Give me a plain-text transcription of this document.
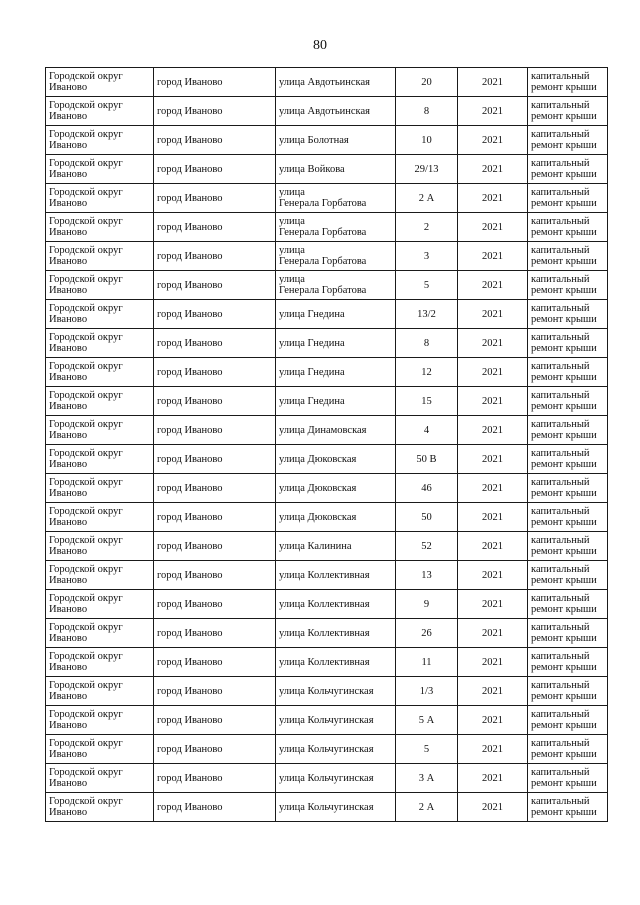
80
Городской округ
Иваново	город Иваново	улица Авдотьинская	20	2021	капитальный
ремонт крыши

Городской округ
Иваново	город Иваново	улица Авдотьинская	8	2021	капитальный
ремонт крыши

Городской округ
Иваново	город Иваново	улица Болотная	10	2021	капитальный
ремонт крыши

Городской округ
Иваново	город Иваново	улица Войкова	29/13	2021	капитальный
ремонт крыши

Городской округ
Иваново	город Иваново	улица
Генерала Горбатова	2 А	2021	капитальный
ремонт крыши

Городской округ
Иваново	город Иваново	улица
Генерала Горбатова	2	2021	капитальный
ремонт крыши

Городской округ
Иваново	город Иваново	улица
Генерала Горбатова	3	2021	капитальный
ремонт крыши

Городской округ
Иваново	город Иваново	улица
Генерала Горбатова	5	2021	капитальный
ремонт крыши

Городской округ
Иваново	город Иваново	улица Гнедина	13/2	2021	капитальный
ремонт крыши

Городской округ
Иваново	город Иваново	улица Гнедина	8	2021	капитальный
ремонт крыши

Городской округ
Иваново	город Иваново	улица Гнедина	12	2021	капитальный
ремонт крыши

Городской округ
Иваново	город Иваново	улица Гнедина	15	2021	капитальный
ремонт крыши

Городской округ
Иваново	город Иваново	улица Динамовская	4	2021	капитальный
ремонт крыши

Городской округ
Иваново	город Иваново	улица Дюковская	50 В	2021	капитальный
ремонт крыши

Городской округ
Иваново	город Иваново	улица Дюковская	46	2021	капитальный
ремонт крыши

Городской округ
Иваново	город Иваново	улица Дюковская	50	2021	капитальный
ремонт крыши

Городской округ
Иваново	город Иваново	улица Калинина	52	2021	капитальный
ремонт крыши

Городской округ
Иваново	город Иваново	улица Коллективная	13	2021	капитальный
ремонт крыши

Городской округ
Иваново	город Иваново	улица Коллективная	9	2021	капитальный
ремонт крыши

Городской округ
Иваново	город Иваново	улица Коллективная	26	2021	капитальный
ремонт крыши

Городской округ
Иваново	город Иваново	улица Коллективная	11	2021	капитальный
ремонт крыши

Городской округ
Иваново	город Иваново	улица Кольчугинская	1/3	2021	капитальный
ремонт крыши

Городской округ
Иваново	город Иваново	улица Кольчугинская	5 А	2021	капитальный
ремонт крыши

Городской округ
Иваново	город Иваново	улица Кольчугинская	5	2021	капитальный
ремонт крыши

Городской округ
Иваново	город Иваново	улица Кольчугинская	3 А	2021	капитальный
ремонт крыши

Городской округ
Иваново	город Иваново	улица Кольчугинская	2 А	2021	капитальный
ремонт крыши
